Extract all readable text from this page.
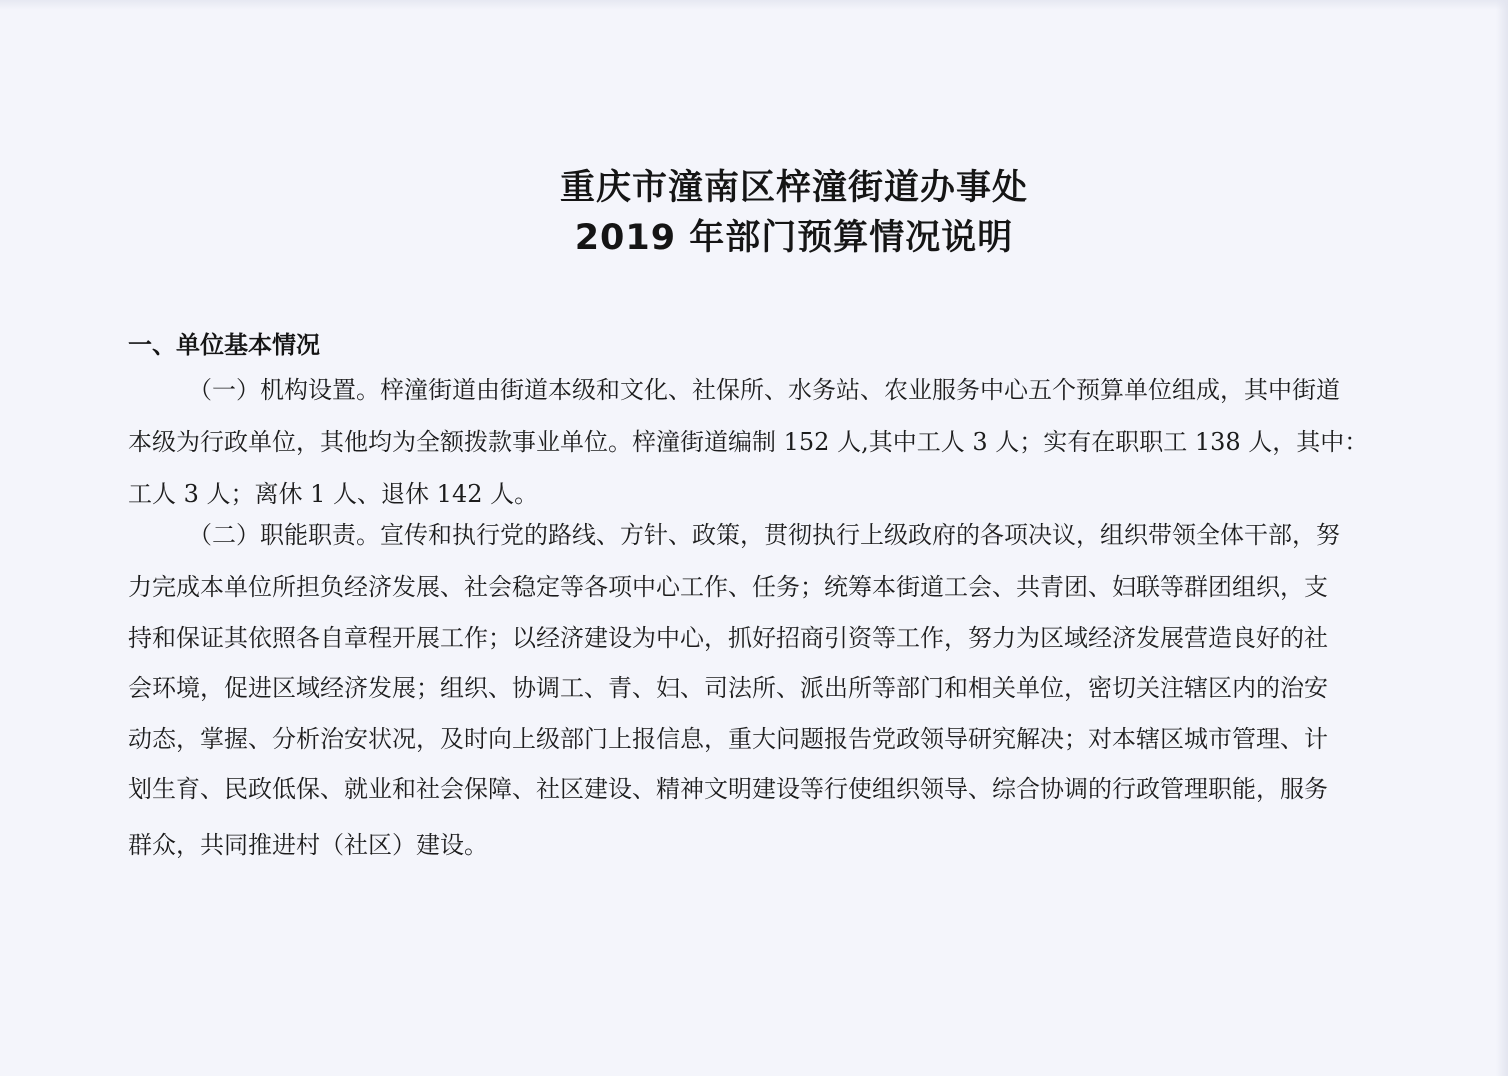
重庆市潼南区梓潼街道办事处
2019 年部门预算情况说明
一、单位基本情况
（一）机构设置。梓潼街道由街道本级和文化、社保所、水务站、农业服务中心五个预算单位组成，其中街道
本级为行政单位，其他均为全额拨款事业单位。梓潼街道编制 152 人,其中工人 3 人；实有在职职工 138 人，其中：
工人 3 人；离休 1 人、退休 142 人。
（二）职能职责。宣传和执行党的路线、方针、政策，贯彻执行上级政府的各项决议，组织带领全体干部，努
力完成本单位所担负经济发展、社会稳定等各项中心工作、任务；统筹本街道工会、共青团、妇联等群团组织，支
持和保证其依照各自章程开展工作；以经济建设为中心，抓好招商引资等工作，努力为区域经济发展营造良好的社
会环境，促进区域经济发展；组织、协调工、青、妇、司法所、派出所等部门和相关单位，密切关注辖区内的治安
动态，掌握、分析治安状况，及时向上级部门上报信息，重大问题报告党政领导研究解决；对本辖区城市管理、计
划生育、民政低保、就业和社会保障、社区建设、精神文明建设等行使组织领导、综合协调的行政管理职能，服务
群众，共同推进村（社区）建设。
